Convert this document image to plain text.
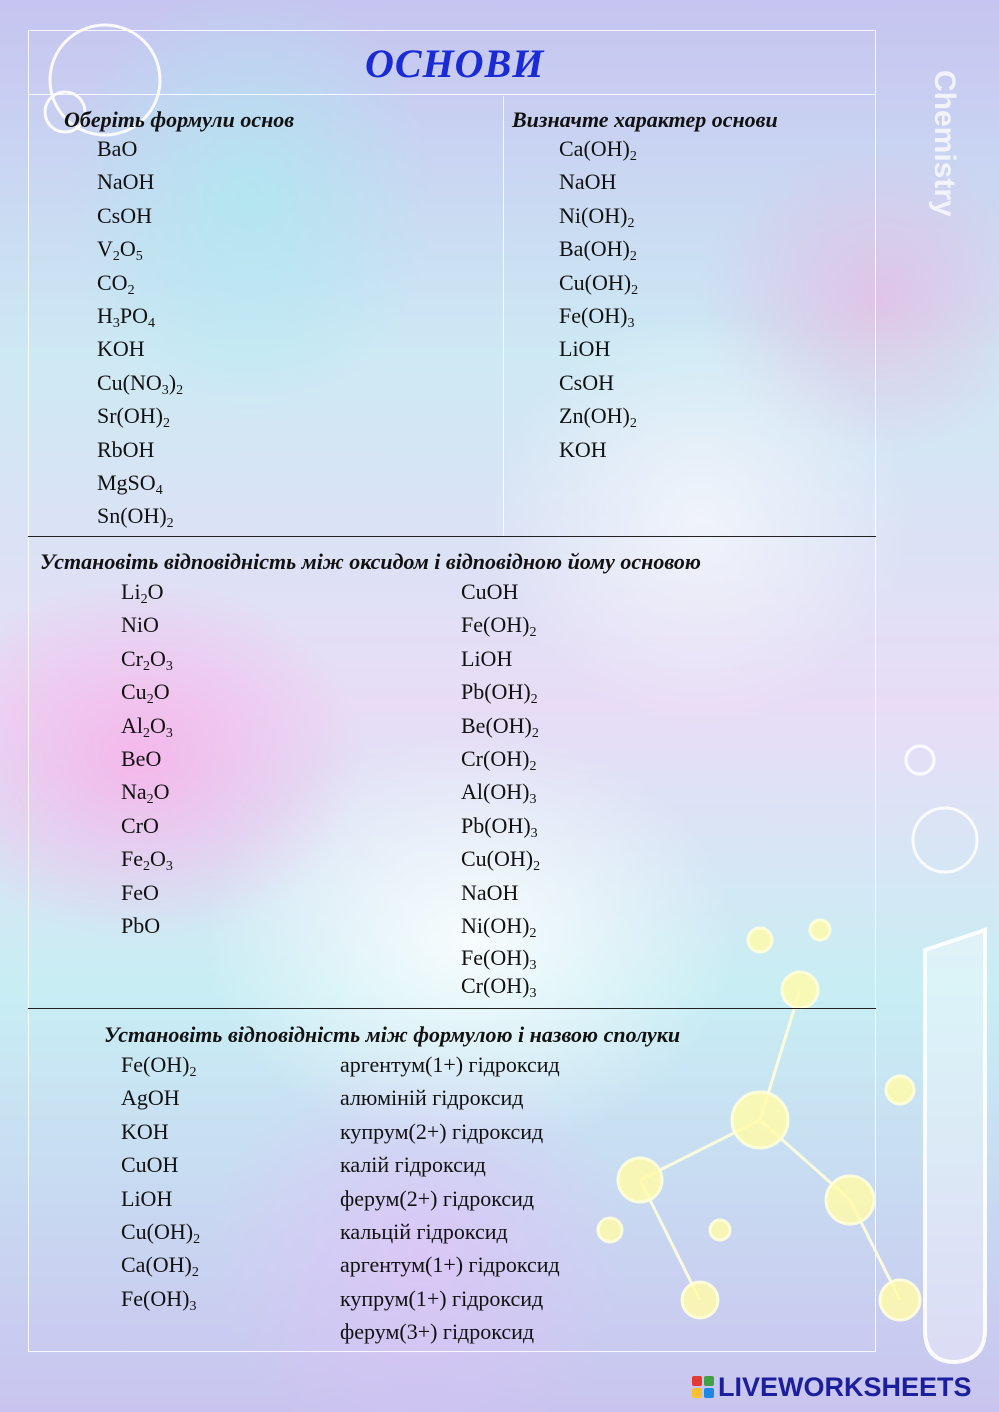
Chemistry
ОСНОВИ
Оберіть формули основ
BaO
NaOH
CsOH
$V_2O_5$
$CO_2$
$H_3PO_4$
KOH
$Cu(NO_3)_2$
$Sr(OH)_2$
RbOH
MgSO$_4$
$Sn(OH)_2$
Визначте характер основи
$Ca(OH)_2$
NaOH
$Ni(OH)_2$
$Ba(OH)_2$
$Cu(OH)_2$
$Fe(OH)_3$
LiOH
CsOH
$Zn(OH)_2$
KOH
Установіть відповідність між оксидом і відповідною йому основою
$Li_2O$
NiO
$Cr_2O_3$
$Cu_2O$
$Al_2O_3$
BeO
$Na_2O$
CrO
$Fe_2O_3$
FeO
PbO
CuOH
$Fe(OH)_2$
LiOH
$Pb(OH)_2$
$Be(OH)_2$
$Cr(OH)_2$
$Al(OH)_3$
$Pb(OH)_3$
$Cu(OH)_2$
NaOH
$Ni(OH)_2$
$Fe(OH)_3$
$Cr(OH)_3$
Установіть відповідність між формулою і назвою сполуки
$Fe(OH)_2$
AgOH
KOH
CuOH
LiOH
$Cu(OH)_2$
$Ca(OH)_2$
$Fe(OH)_3$
аргентум(1+) гідроксид
алюміній гідроксид
купрум(2+) гідроксид
калій гідроксид
ферум(2+) гідроксид
кальцій гідроксид
аргентум(1+) гідроксид
купрум(1+) гідроксид
ферум(3+) гідроксид
LIVEWORKSHEETS
